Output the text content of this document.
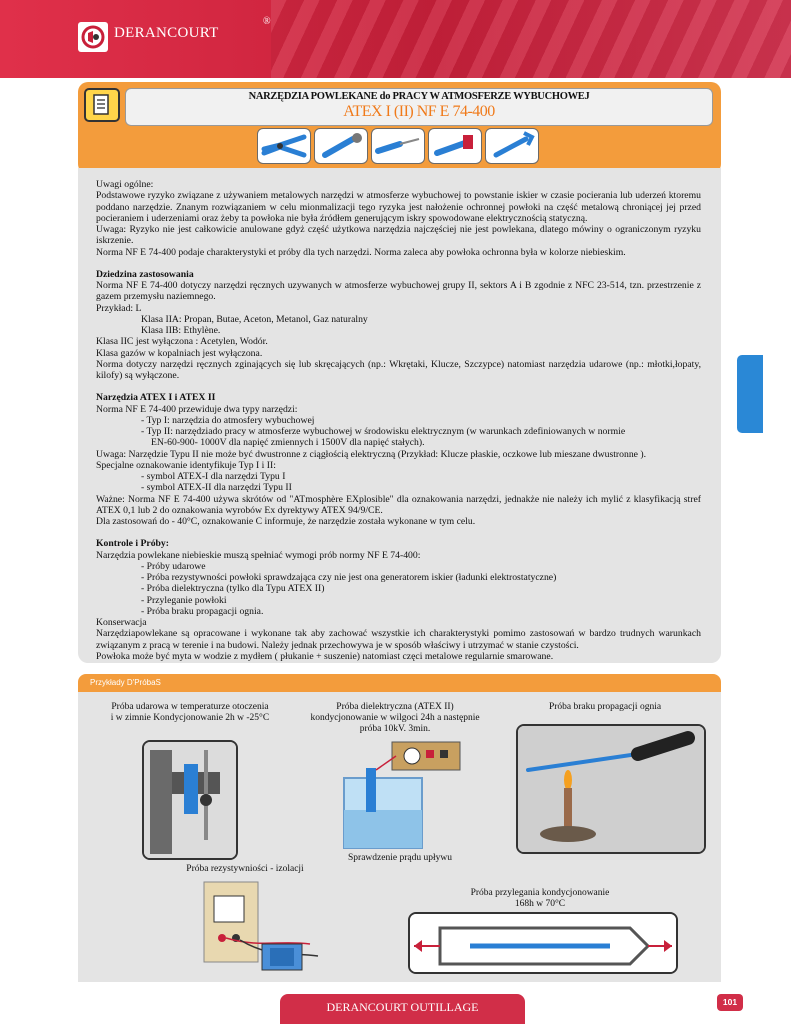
DERANCOURT
®
NARZĘDZIA POWLEKANE do PRACY W ATMOSFERZE WYBUCHOWEJ
ATEX I (II) NF E 74-400

Uwagi ogólne:

Podstawowe ryzyko związane z używaniem metalowych narzędzi w atmosferze wybuchowej to powstanie iskier w czasie pocierania lub uderzeń ktoremu poddano narzędzie. Znanym rozwiązaniem w celu mionmalizacji tego ryzyka jest nałożenie ochronnej powłoki na część metalową chroniącej jej przed pocieraniem i uderzeniami oraz żeby ta powłoka nie była źródłem generującym iskry spowodowane elektrycznością statyczną.

Uwaga: Ryzyko nie jest całkowicie anulowane gdyż część użytkowa narzędzia najczęściej nie jest powlekana, dlatego mówiny o ograniczonym ryzyku iskrzenie.

Norma NF E 74-400 podaje charakterystyki et próby dla tych narzędzi. Norma zaleca aby powłoka ochronna była w kolorze niebieskim.

Dziedzina zastosowania

Norma NF E 74-400 dotyczy narzędzi ręcznych uzywanych w atmosferze wybuchowej grupy II, sektors A i B zgodnie z NFC 23-514, tzn. przestrzenie z gazem przemysłu naziemnego.

Przykład: L

Klasa IIA: Propan, Butae, Aceton, Metanol, Gaz naturalny

Klasa IIB: Ethylène.

Klasa IIC jest wyłączona : Acetylen, Wodór.

Klasa gazów w kopalniach jest wyłączona.

Norma dotyczy narzędzi ręcznych zginających się lub skręcających (np.: Wkrętaki, Klucze, Szczypce) natomiast narzędzia udarowe (np.: młotki,łopaty, kilofy) są wyłączone.

Narzędzia ATEX I i ATEX II

Norma NF E 74-400 przewiduje dwa typy narzędzi:

- Typ I: narzędzia do atmosfery wybuchowej

- Typ II: narzędziado pracy w atmosferze wybuchowej w środowisku elektrycznym (w warunkach zdefiniowanych w normie

EN-60-900- 1000V dla napięć zmiennych i 1500V dla napięć stałych).

Uwaga: Narzędzie Typu II nie może być dwustronne z ciągłością elektryczną (Przykład: Klucze płaskie, oczkowe lub mieszane dwustronne ).

Specjalne oznakowanie identyfikuje Typ I i II:

- symbol ATEX-I dla narzędzi Typu I

- symbol ATEX-II dla narzędzi Typu II

Ważne: Norma NF E 74-400 używa skrótów od "ATmosphère EXplosible" dla oznakowania narzędzi, jednakże nie należy ich mylić z klasyfikacją stref ATEX 0,1 lub 2 do oznakowania wyrobów Ex dyrektywy ATEX 94/9/CE.

Dla zastosowań do - 40°C, oznakowanie C informuje, że narzędzie została wykonane w tym celu.

Kontrole i Próby:

Narzędzia powlekane niebieskie muszą spełniać wymogi prób normy NF E 74-400:

- Próby udarowe

- Próba rezystywności powłoki sprawdzająca czy nie jest ona generatorem iskier (ładunki elektrostatyczne)

- Próba dielektryczna (tylko dla Typu ATEX II)

- Przyleganie powłoki

- Próba braku propagacji ognia.

Konserwacja

Narzędziapowlekane są opracowane i wykonane tak aby zachować wszystkie ich charakterystyki pomimo zastosowań w bardzo trudnych warunkach związanym z pracą w terenie i na budowi. Należy jednak przechowywa je w sposób właściwy i utrzymać w stanie czystości.

Powłoka może być myta w wodzie z mydłem ( płukanie + suszenie) natomiast częci metalowe regularnie smarowane.

Przykłady D'PróbaS
Próba udarowa w temperaturze otoczenia i w zimnie Kondycjonowanie 2h w -25°C
Próba dielektryczna (ATEX II) kondycjonowanie w wilgoci 24h a następnie próba 10kV. 3min.
Sprawdzenie prądu upływu
Próba braku propagacji ognia
Próba rezystywniości - izolacji
Próba przylegania kondycjonowanie 168h w 70°C
DERANCOURT OUTILLAGE	101
